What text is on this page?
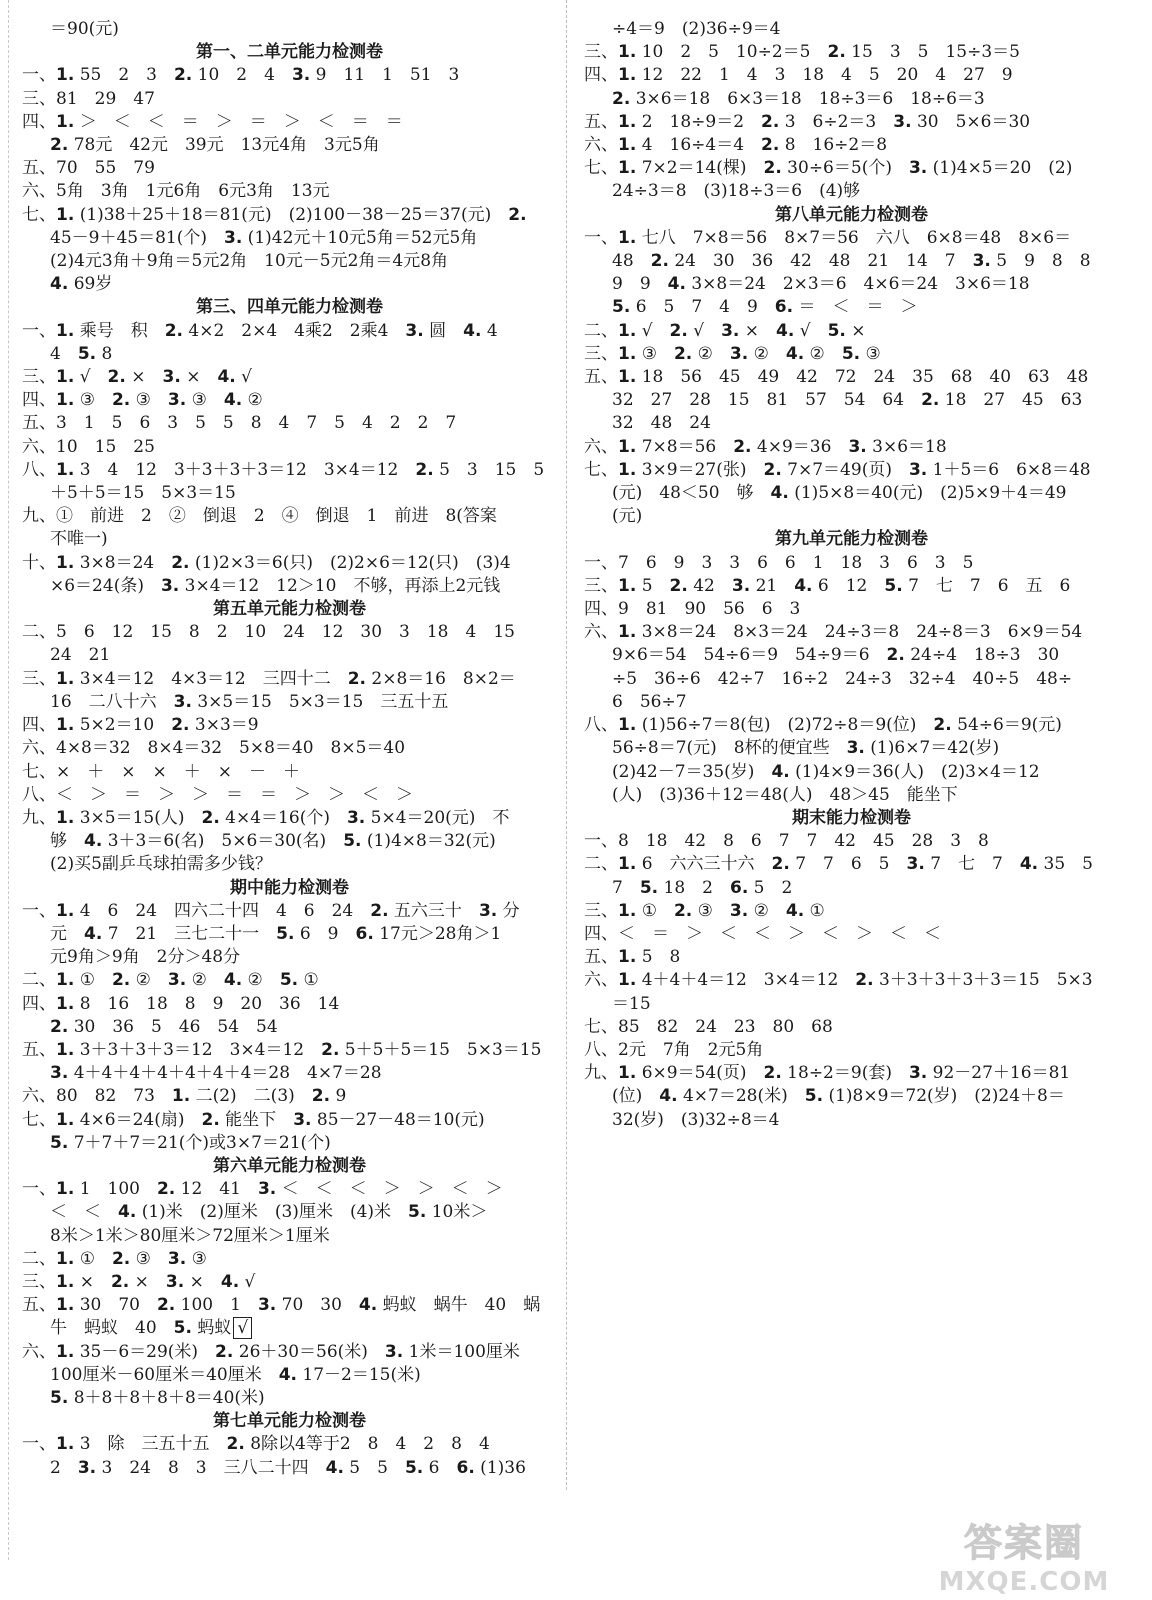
＝90(元)
第一、二单元能力检测卷
一、1. 55　2　3　2. 10　2　4　3. 9　11　1　51　3
三、81　29　47
四、1. ＞　＜　＜　＝　＞　＝　＞　＜　＝　＝
2. 78元　42元　39元　13元4角　3元5角
五、70　55　79
六、5角　3角　1元6角　6元3角　13元
七、1. (1)38＋25＋18＝81(元)　(2)100－38－25＝37(元)　2.
45－9＋45＝81(个)　3. (1)42元＋10元5角＝52元5角
(2)4元3角＋9角＝5元2角　10元－5元2角＝4元8角
4. 69岁
第三、四单元能力检测卷
一、1. 乘号　积　2. 4×2　2×4　4乘2　2乘4　3. 圆　4. 4
4　5. 8
三、1. √　2. ×　3. ×　4. √
四、1. ③　2. ③　3. ③　4. ②
五、3　1　5　6　3　5　5　8　4　7　5　4　2　2　7
六、10　15　25
八、1. 3　4　12　3＋3＋3＋3＝12　3×4＝12　2. 5　3　15　5
＋5＋5＝15　5×3＝15
九、①　前进　2　②　倒退　2　④　倒退　1　前进　8(答案
不唯一)
十、1. 3×8＝24　2. (1)2×3＝6(只)　(2)2×6＝12(只)　(3)4
×6＝24(条)　3. 3×4＝12　12＞10　不够，再添上2元钱
第五单元能力检测卷
二、5　6　12　15　8　2　10　24　12　30　3　18　4　15
24　21
三、1. 3×4＝12　4×3＝12　三四十二　2. 2×8＝16　8×2＝
16　二八十六　3. 3×5＝15　5×3＝15　三五十五
四、1. 5×2＝10　2. 3×3＝9
六、4×8＝32　8×4＝32　5×8＝40　8×5＝40
七、×　＋　×　×　＋　×　－　＋
八、＜　＞　＝　＞　＞　＝　＝　＞　＞　＜　＞
九、1. 3×5＝15(人)　2. 4×4＝16(个)　3. 5×4＝20(元)　不
够　4. 3＋3＝6(名)　5×6＝30(名)　5. (1)4×8＝32(元)
(2)买5副乒乓球拍需多少钱？
期中能力检测卷
一、1. 4　6　24　四六二十四　4　6　24　2. 五六三十　3. 分
元　4. 7　21　三七二十一　5. 6　9　6. 17元＞28角＞1
元9角＞9角　2分＞48分
二、1. ①　2. ②　3. ②　4. ②　5. ①
四、1. 8　16　18　8　9　20　36　14
2. 30　36　5　46　54　54
五、1. 3＋3＋3＋3＝12　3×4＝12　2. 5＋5＋5＝15　5×3＝15
3. 4＋4＋4＋4＋4＋4＋4＝28　4×7＝28
六、80　82　73　1. 二(2)　二(3)　2. 9
七、1. 4×6＝24(扇)　2. 能坐下　3. 85－27－48＝10(元)
5. 7＋7＋7＝21(个)或3×7＝21(个)
第六单元能力检测卷
一、1. 1　100　2. 12　41　3. ＜　＜　＜　＞　＞　＜　＞
＜　＜　4. (1)米　(2)厘米　(3)厘米　(4)米　5. 10米＞
8米＞1米＞80厘米＞72厘米＞1厘米
二、1. ①　2. ③　3. ③
三、1. ×　2. ×　3. ×　4. √
五、1. 30　70　2. 100　1　3. 70　30　4. 蚂蚁　蜗牛　40　蜗
牛　蚂蚁　40　5. 蚂蚁 √
六、1. 35－6＝29(米)　2. 26＋30＝56(米)　3. 1米＝100厘米
100厘米－60厘米＝40厘米　4. 17－2＝15(米)
5. 8＋8＋8＋8＋8＝40(米)
第七单元能力检测卷
一、1. 3　除　三五十五　2. 8除以4等于2　8　4　2　8　4
2　3. 3　24　8　3　三八二十四　4. 5　5　5. 6　6. (1)36
÷4＝9　(2)36÷9＝4
三、1. 10　2　5　10÷2＝5　2. 15　3　5　15÷3＝5
四、1. 12　22　1　4　3　18　4　5　20　4　27　9
2. 3×6＝18　6×3＝18　18÷3＝6　18÷6＝3
五、1. 2　18÷9＝2　2. 3　6÷2＝3　3. 30　5×6＝30
六、1. 4　16÷4＝4　2. 8　16÷2＝8
七、1. 7×2＝14(棵)　2. 30÷6＝5(个)　3. (1)4×5＝20　(2)
24÷3＝8　(3)18÷3＝6　(4)够
第八单元能力检测卷
一、1. 七八　7×8＝56　8×7＝56　六八　6×8＝48　8×6＝
48　2. 24　30　36　42　48　21　14　7　3. 5　9　8　8
9　9　4. 3×8＝24　2×3＝6　4×6＝24　3×6＝18
5. 6　5　7　4　9　6. ＝　＜　＝　＞
二、1. √　2. √　3. ×　4. √　5. ×
三、1. ③　2. ②　3. ②　4. ②　5. ③
五、1. 18　56　45　49　42　72　24　35　68　40　63　48
32　27　28　15　81　57　54　64　2. 18　27　45　63
32　48　24
六、1. 7×8＝56　2. 4×9＝36　3. 3×6＝18
七、1. 3×9＝27(张)　2. 7×7＝49(页)　3. 1＋5＝6　6×8＝48
(元)　48＜50　够　4. (1)5×8＝40(元)　(2)5×9＋4＝49
(元)
第九单元能力检测卷
一、7　6　9　3　3　6　6　1　18　3　6　3　5
三、1. 5　2. 42　3. 21　4. 6　12　5. 7　七　7　6　五　6
四、9　81　90　56　6　3
六、1. 3×8＝24　8×3＝24　24÷3＝8　24÷8＝3　6×9＝54
9×6＝54　54÷6＝9　54÷9＝6　2. 24÷4　18÷3　30
÷5　36÷6　42÷7　16÷2　24÷3　32÷4　40÷5　48÷
6　56÷7
八、1. (1)56÷7＝8(包)　(2)72÷8＝9(位)　2. 54÷6＝9(元)
56÷8＝7(元)　8杯的便宜些　3. (1)6×7＝42(岁)
(2)42－7＝35(岁)　4. (1)4×9＝36(人)　(2)3×4＝12
(人)　(3)36＋12＝48(人)　48＞45　能坐下
期末能力检测卷
一、8　18　42　8　6　7　7　42　45　28　3　8
二、1. 6　六六三十六　2. 7　7　6　5　3. 7　七　7　4. 35　5
7　5. 18　2　6. 5　2
三、1. ①　2. ③　3. ②　4. ①
四、＜　＝　＞　＜　＜　＞　＜　＞　＜　＜
五、1. 5　8
六、1. 4＋4＋4＝12　3×4＝12　2. 3＋3＋3＋3＋3＝15　5×3
＝15
七、85　82　24　23　80　68
八、2元　7角　2元5角
九、1. 6×9＝54(页)　2. 18÷2＝9(套)　3. 92－27＋16＝81
(位)　4. 4×7＝28(米)　5. (1)8×9＝72(岁)　(2)24＋8＝
32(岁)　(3)32÷8＝4
答案圈
MXQE.COM
